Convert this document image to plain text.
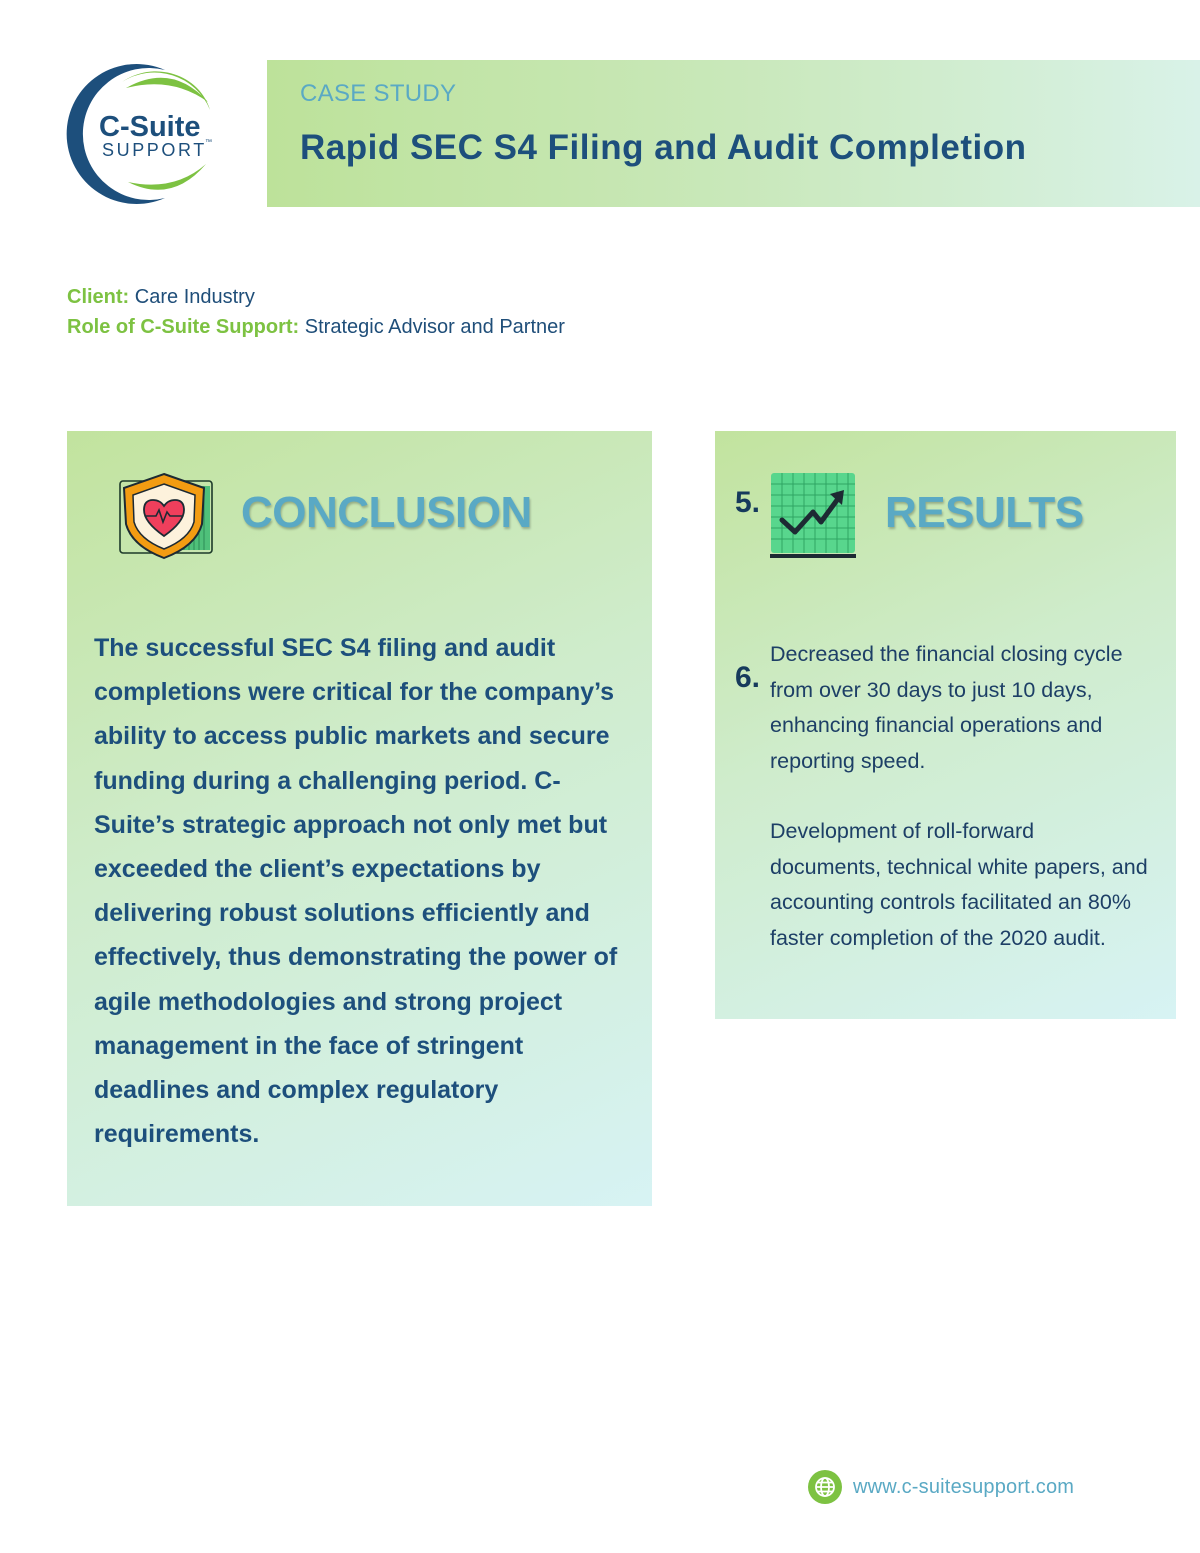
C-Suite
SUPPORT
™

CASE STUDY

Rapid SEC S4 Filing and Audit Completion
Client: Care Industry
Role of C-Suite Support: Strategic Advisor and Partner
CONCLUSION

The successful SEC S4 filing and audit completions were critical for the company’s ability to access public markets and secure funding during a challenging period. C-Suite’s strategic approach not only met but exceeded the client’s expectations by delivering robust solutions efficiently and effectively, thus demonstrating the power of agile methodologies and strong project management in the face of stringent deadlines and complex regulatory requirements.

5.	RESULTS
6.

Decreased the financial closing cycle from over 30 days to just 10 days, enhancing financial operations and reporting speed.

Development of roll-forward documents, technical white papers, and accounting controls facilitated an 80% faster completion of the 2020 audit.

www.c-suitesupport.com
